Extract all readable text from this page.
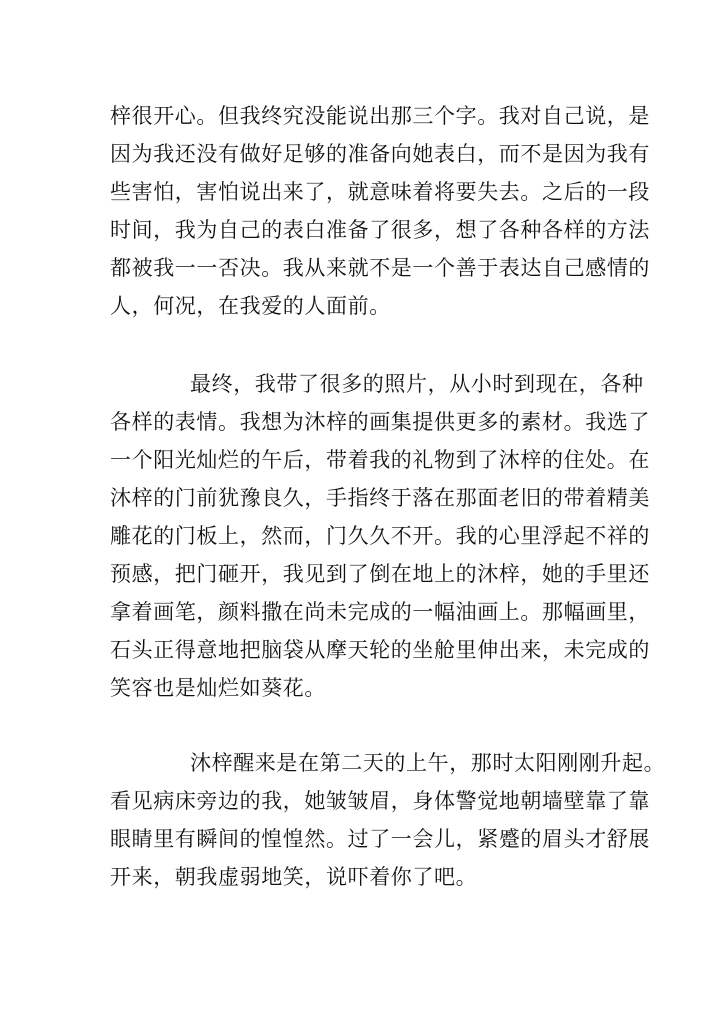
梓很开心。但我终究没能说出那三个字。我对自己说，是
因为我还没有做好足够的准备向她表白，而不是因为我有
些害怕，害怕说出来了，就意味着将要失去。之后的一段
时间，我为自己的表白准备了很多，想了各种各样的方法
都被我一一否决。我从来就不是一个善于表达自己感情的
人，何况，在我爱的人面前。
最终，我带了很多的照片，从小时到现在，各种
各样的表情。我想为沐梓的画集提供更多的素材。我选了
一个阳光灿烂的午后，带着我的礼物到了沐梓的住处。在
沐梓的门前犹豫良久，手指终于落在那面老旧的带着精美
雕花的门板上，然而，门久久不开。我的心里浮起不祥的
预感，把门砸开，我见到了倒在地上的沐梓，她的手里还
拿着画笔，颜料撒在尚未完成的一幅油画上。那幅画里，
石头正得意地把脑袋从摩天轮的坐舱里伸出来，未完成的
笑容也是灿烂如葵花。
沐梓醒来是在第二天的上午，那时太阳刚刚升起。
看见病床旁边的我，她皱皱眉，身体警觉地朝墙壁靠了靠
眼睛里有瞬间的惶惶然。过了一会儿，紧蹙的眉头才舒展
开来，朝我虚弱地笑，说吓着你了吧。
